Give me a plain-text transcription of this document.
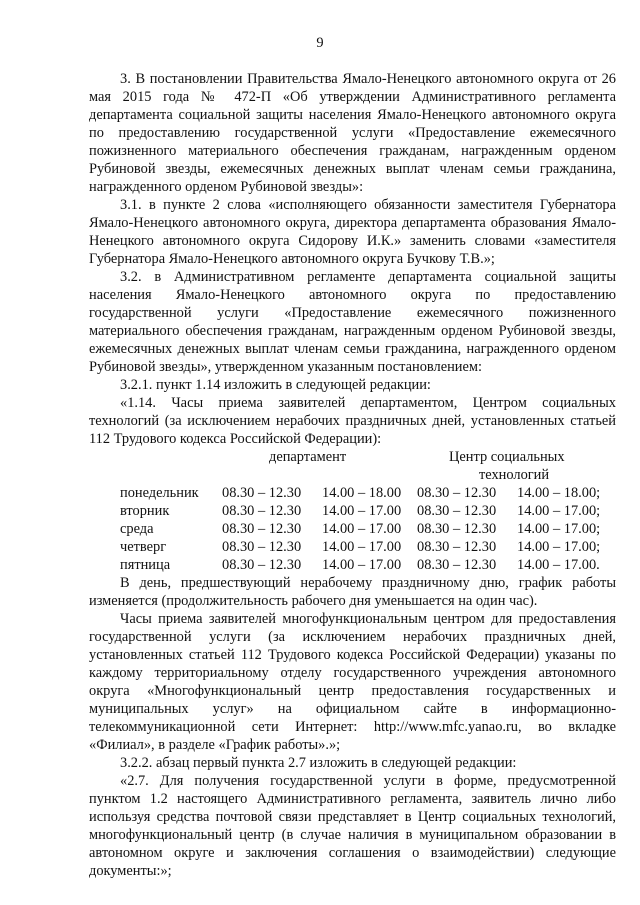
9

3. В постановлении Правительства Ямало-Ненецкого автономного округа от 26 мая 2015 года № 472-П «Об утверждении Административного регламента департамента социальной защиты населения Ямало-Ненецкого автономного округа по предоставлению государственной услуги «Предоставление ежемесячного пожизненного материального обеспечения гражданам, награжденным орденом Рубиновой звезды, ежемесячных денежных выплат членам семьи гражданина, награжденного орденом Рубиновой звезды»:

3.1. в пункте 2 слова «исполняющего обязанности заместителя Губернатора Ямало-Ненецкого автономного округа, директора департамента образования Ямало-Ненецкого автономного округа Сидорову И.К.» заменить словами «заместителя Губернатора Ямало-Ненецкого автономного округа Бучкову Т.В.»;

3.2. в Административном регламенте департамента социальной защиты населения Ямало-Ненецкого автономного округа по предоставлению государственной услуги «Предоставление ежемесячного пожизненного материального обеспечения гражданам, награжденным орденом Рубиновой звезды, ежемесячных денежных выплат членам семьи гражданина, награжденного орденом Рубиновой звезды», утвержденном указанным постановлением:

3.2.1. пункт 1.14 изложить в следующей редакции:

«1.14. Часы приема заявителей департаментом, Центром социальных технологий (за исключением нерабочих праздничных дней, установленных статьей 112 Трудового кодекса Российской Федерации):

департамент	Центр социальных
технологий
понедельник 08.30 – 12.30 14.00 – 18.00 08.30 – 12.30 14.00 – 18.00;
вторник	08.30 – 12.30 14.00 – 17.00 08.30 – 12.30 14.00 – 17.00;
среда	08.30 – 12.30 14.00 – 17.00 08.30 – 12.30 14.00 – 17.00;
четверг	08.30 – 12.30 14.00 – 17.00 08.30 – 12.30 14.00 – 17.00;
пятница	08.30 – 12.30 14.00 – 17.00 08.30 – 12.30 14.00 – 17.00.

В день, предшествующий нерабочему праздничному дню, график работы изменяется (продолжительность рабочего дня уменьшается на один час).

Часы приема заявителей многофункциональным центром для предоставления государственной услуги (за исключением нерабочих праздничных дней, установленных статьей 112 Трудового кодекса Российской Федерации) указаны по каждому территориальному отделу государственного учреждения автономного округа «Многофункциональный центр предоставления государственных и муниципальных услуг» на официальном сайте в информационно-телекоммуникационной сети Интернет: http://www.mfc.yanao.ru, во вкладке «Филиал», в разделе «График работы».»;

3.2.2. абзац первый пункта 2.7 изложить в следующей редакции:

«2.7. Для получения государственной услуги в форме, предусмотренной пунктом 1.2 настоящего Административного регламента, заявитель лично либо используя средства почтовой связи представляет в Центр социальных технологий, многофункциональный центр (в случае наличия в муниципальном образовании в автономном округе и заключения соглашения о взаимодействии) следующие документы:»;
